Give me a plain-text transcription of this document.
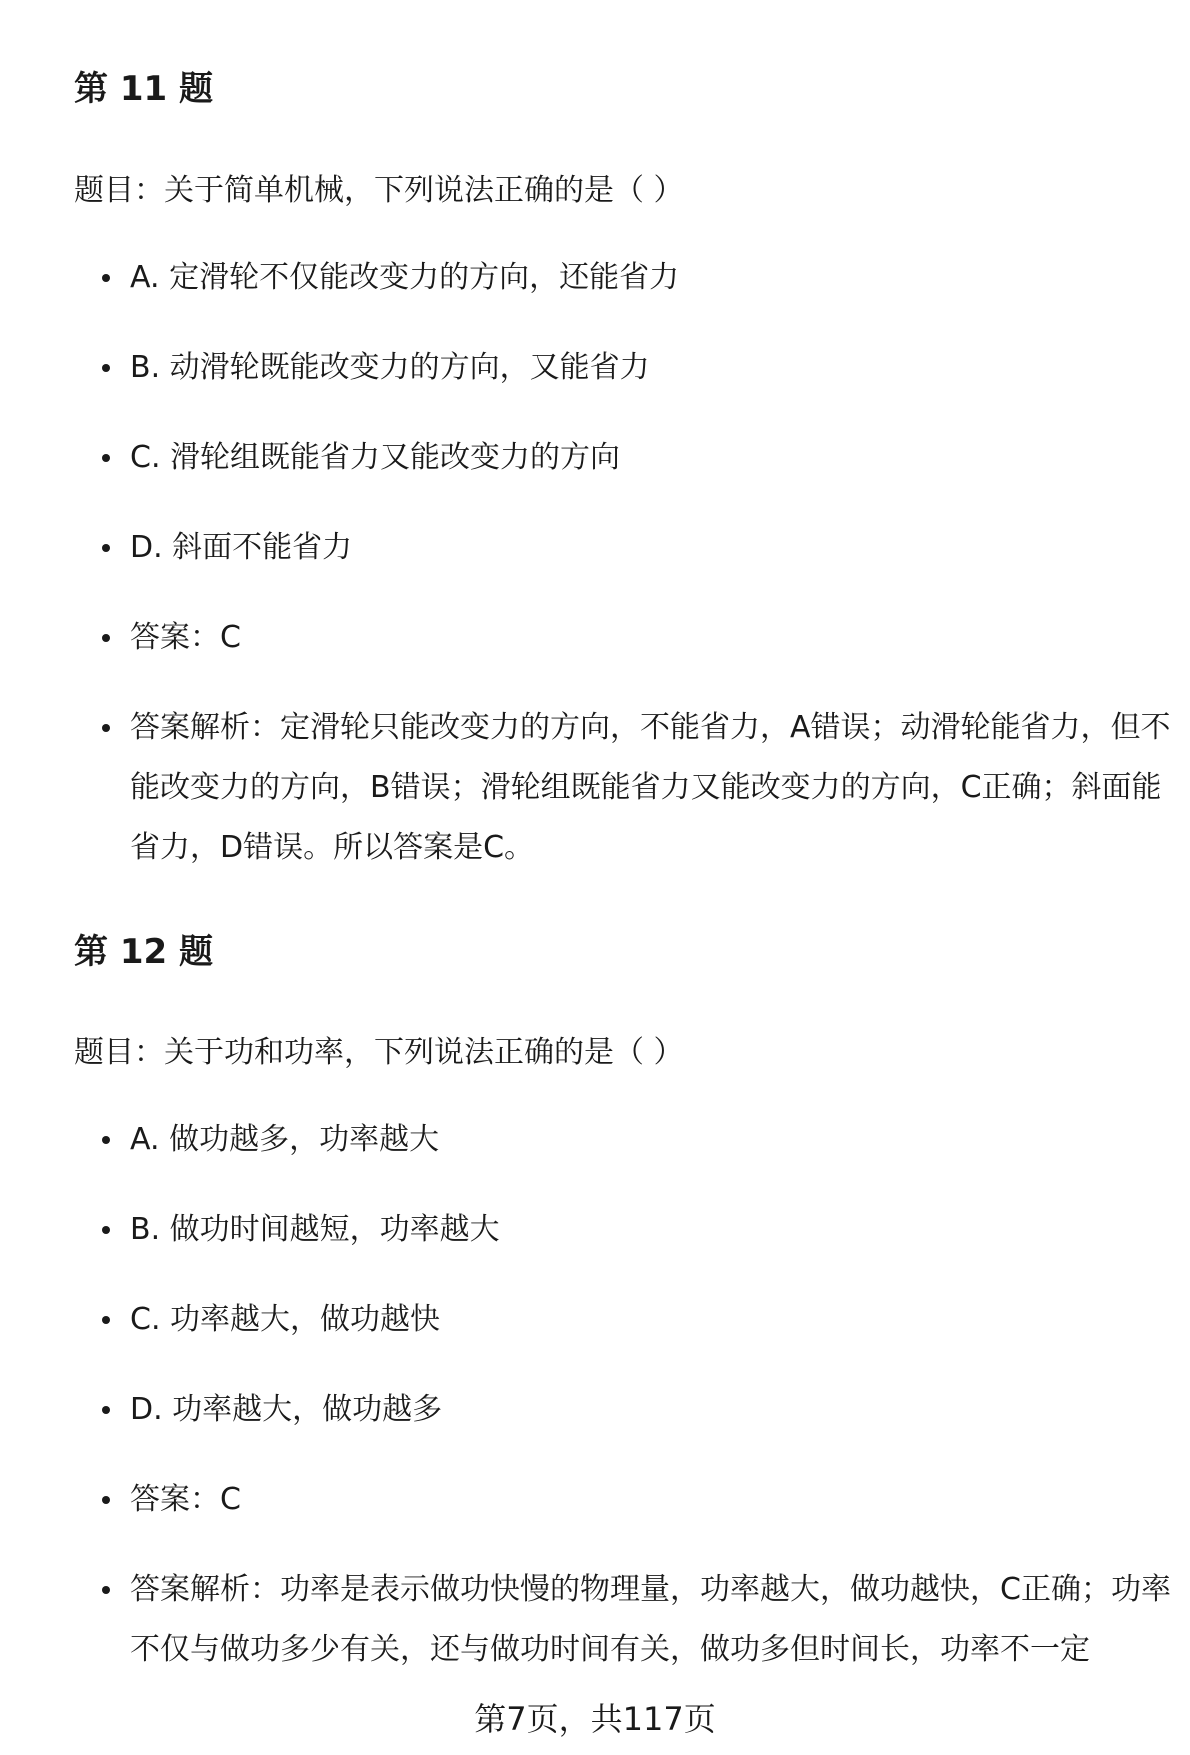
第 11 题

题目：关于简单机械，下列说法正确的是（ ）

A. 定滑轮不仅能改变力的方向，还能省力
B. 动滑轮既能改变力的方向，又能省力
C. 滑轮组既能省力又能改变力的方向
D. 斜面不能省力
答案：C
答案解析：定滑轮只能改变力的方向，不能省力，A错误；动滑轮能省力，但不能改变力的方向，B错误；滑轮组既能省力又能改变力的方向，C正确；斜面能省力，D错误。所以答案是C。
第 12 题

题目：关于功和功率，下列说法正确的是（ ）

A. 做功越多，功率越大
B. 做功时间越短，功率越大
C. 功率越大，做功越快
D. 功率越大，做功越多
答案：C
答案解析：功率是表示做功快慢的物理量，功率越大，做功越快，C正确；功率不仅与做功多少有关，还与做功时间有关，做功多但时间长，功率不一定

第7页，共117页
